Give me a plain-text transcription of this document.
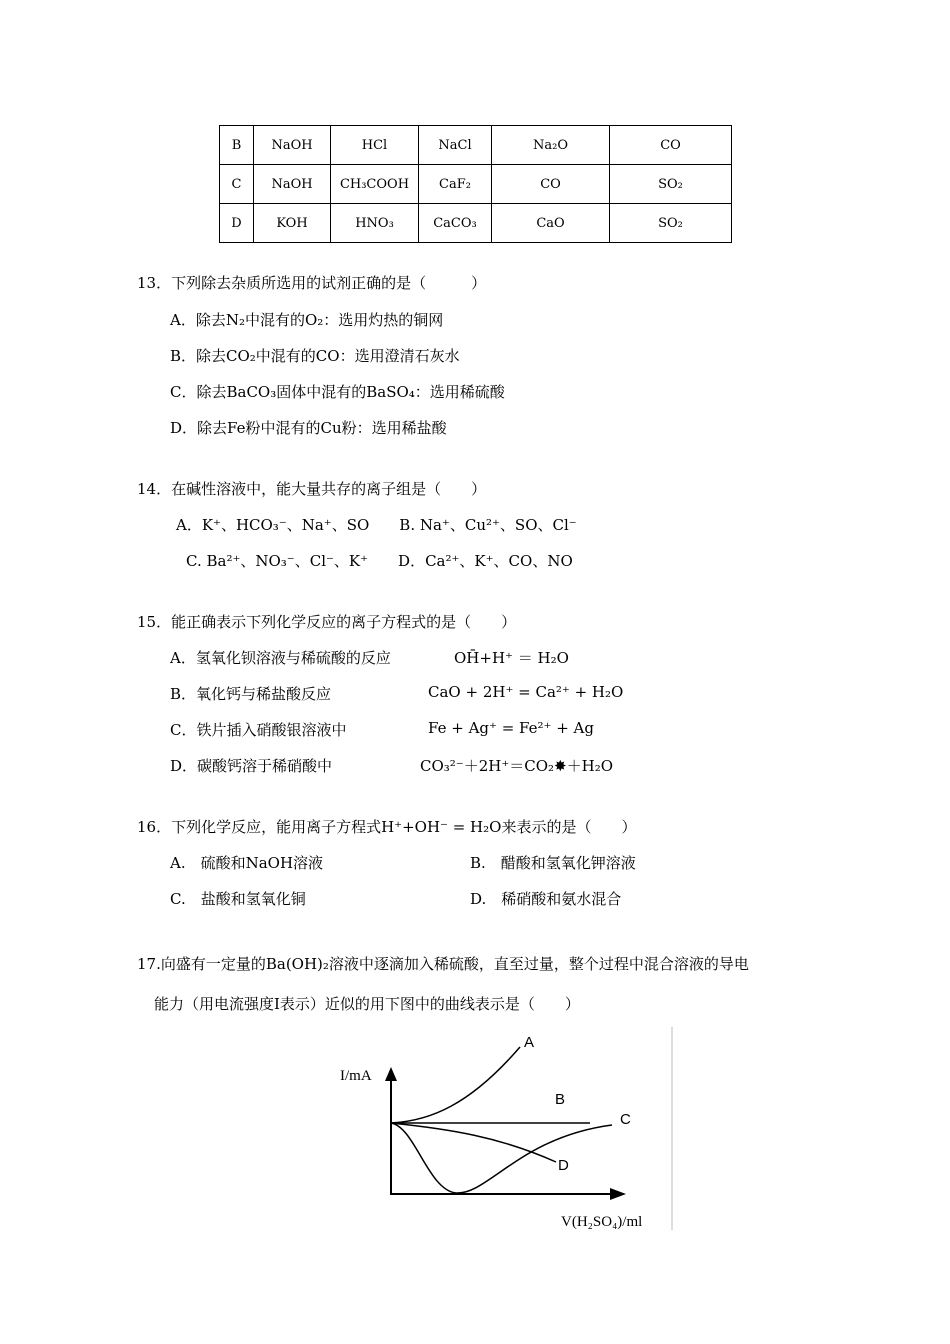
B	NaOH	HCl	NaCl	Na₂O	CO
C	NaOH	CH₃COOH	CaF₂	CO	SO₂
D	KOH	HNO₃	CaCO₃	CaO	SO₂
13．下列除去杂质所选用的试剂正确的是（　　　）
A．除去N₂中混有的O₂：选用灼热的铜网
B．除去CO₂中混有的CO：选用澄清石灰水
C．除去BaCO₃固体中混有的BaSO₄：选用稀硫酸
D．除去Fe粉中混有的Cu粉：选用稀盐酸
14．在碱性溶液中，能大量共存的离子组是（　　）
A．K⁺、HCO₃⁻、Na⁺、SO　　B. Na⁺、Cu²⁺、SO、Cl⁻
C. Ba²⁺、NO₃⁻、Cl⁻、K⁺　　D．Ca²⁺、K⁺、CO、NO
15．能正确表示下列化学反应的离子方程式的是（　　）
A．氢氧化钡溶液与稀硫酸的反应	OH̄+H⁺ ＝ H₂O
B．氧化钙与稀盐酸反应	CaO + 2H⁺ = Ca²⁺ + H₂O
C．铁片插入硝酸银溶液中	Fe + Ag⁺ = Fe²⁺ + Ag
D．碳酸钙溶于稀硝酸中	CO₃²⁻＋2H⁺＝CO₂✸＋H₂O
16．下列化学反应，能用离子方程式H⁺+OH⁻ = H₂O来表示的是（　　）
A.　硫酸和NaOH溶液	B.　醋酸和氢氧化钾溶液
C.　盐酸和氢氧化铜	D.　稀硝酸和氨水混合
17.向盛有一定量的Ba(OH)₂溶液中逐滴加入稀硫酸，直至过量，整个过程中混合溶液的导电
能力（用电流强度I表示）近似的用下图中的曲线表示是（　　）
I/mA
V(H₂SO₄)/ml
A
B
C
D
